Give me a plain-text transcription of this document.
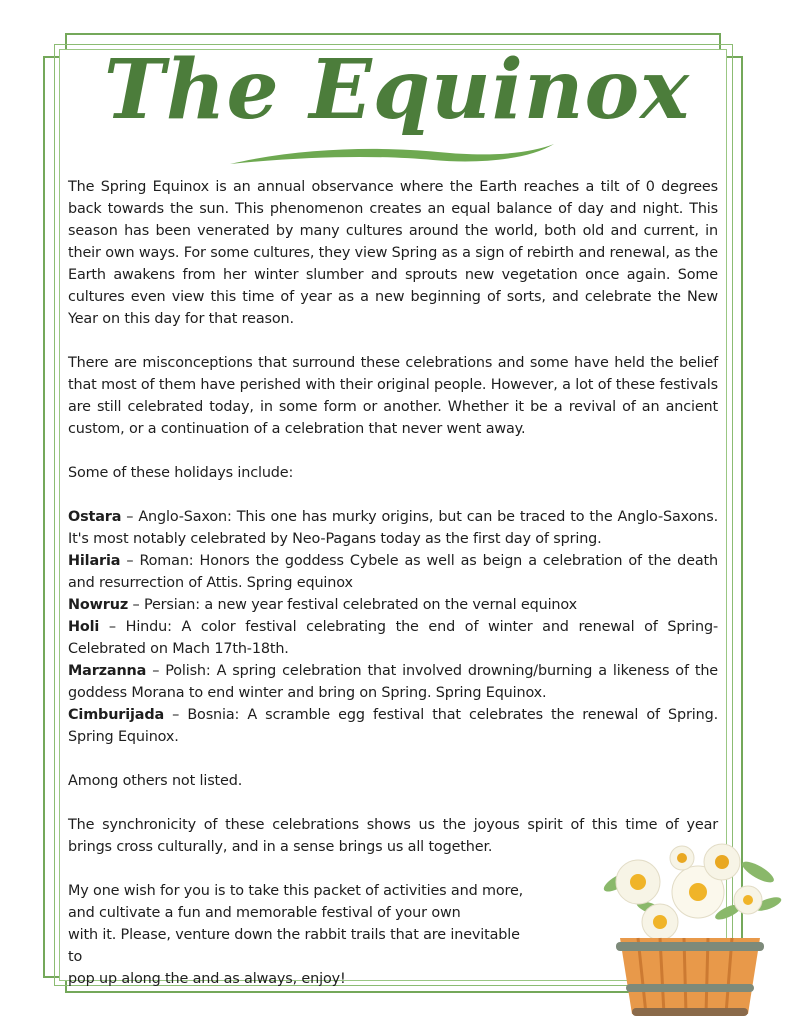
The Equinox

The Spring Equinox is an annual observance where the Earth reaches a tilt of 0 degrees back towards the sun. This phenomenon creates an equal balance of day and night. This season has been venerated by many cultures around the world, both old and current, in their own ways. For some cultures, they view Spring as a sign of rebirth and renewal, as the Earth awakens from her winter slumber and sprouts new vegetation once again. Some cultures even view this time of year as a new beginning of sorts, and celebrate the New Year on this day for that reason.

There are misconceptions that surround these celebrations and some have held the belief that most of them have perished with their original people. However, a lot of these festivals are still celebrated today, in some form or another. Whether it be a revival of an ancient custom, or a continuation of a celebration that never went away.

Some of these holidays include:

Ostara – Anglo-Saxon: This one has murky origins, but can be traced to the Anglo-Saxons. It's most notably celebrated by Neo-Pagans today as the first day of spring.
Hilaria – Roman: Honors the goddess Cybele as well as beign a celebration of the death and resurrection of Attis. Spring equinox
Nowruz – Persian: a new year festival celebrated on the vernal equinox
Holi – Hindu: A color festival celebrating the end of winter and renewal of Spring- Celebrated on Mach 17th-18th.
Marzanna – Polish: A spring celebration that involved drowning/burning a likeness of the goddess Morana to end winter and bring on Spring. Spring Equinox.
Cimburijada – Bosnia: A scramble egg festival that celebrates the renewal of Spring. Spring Equinox.

Among others not listed.

The synchronicity of these celebrations shows us the joyous spirit of this time of year brings cross culturally, and in a sense brings us all together.

My one wish for you is to take this packet of activities and more,
and cultivate a fun and memorable festival of your own
with it. Please, venture down the rabbit trails that are inevitable to
pop up along the and as always, enjoy!
